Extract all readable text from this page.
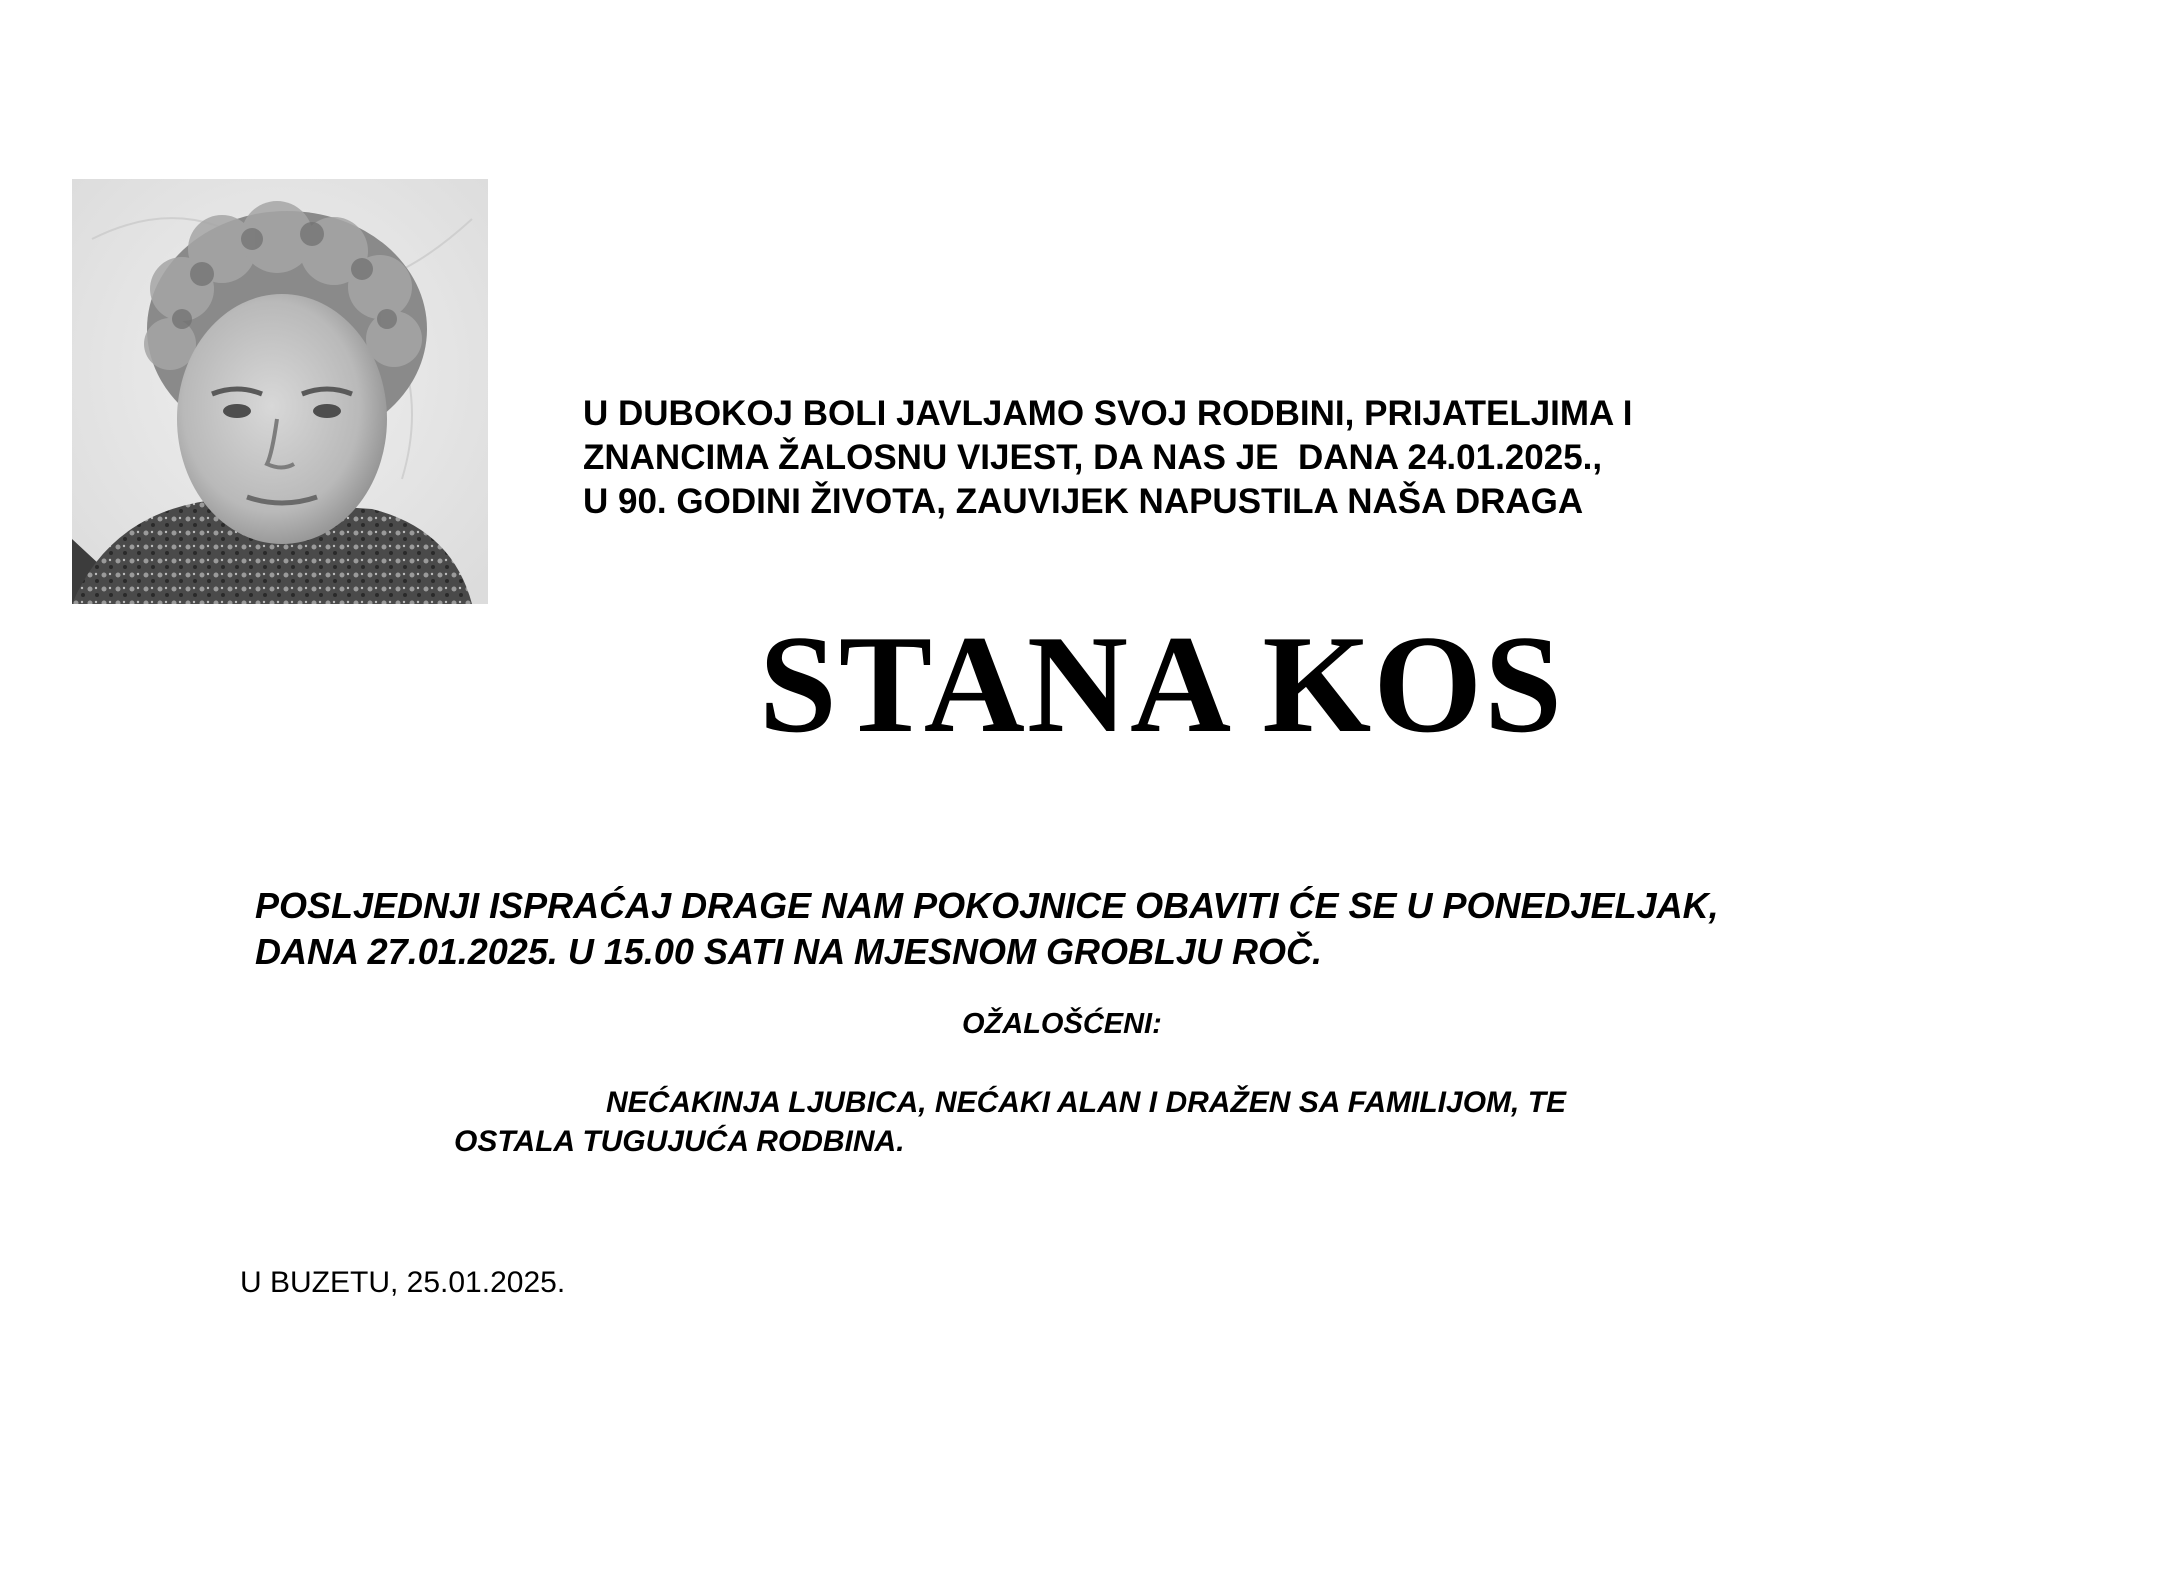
U DUBOKOJ BOLI JAVLJAMO SVOJ RODBINI, PRIJATELJIMA I
ZNANCIMA ŽALOSNU VIJEST, DA NAS JE  DANA 24.01.2025.,
U 90. GODINI ŽIVOTA, ZAUVIJEK NAPUSTILA NAŠA DRAGA
STANA KOS
POSLJEDNJI ISPRAĆAJ DRAGE NAM POKOJNICE OBAVITI ĆE SE U PONEDJELJAK,
DANA 27.01.2025. U 15.00 SATI NA MJESNOM GROBLJU ROČ.
OŽALOŠĆENI:
NEĆAKINJA LJUBICA, NEĆAKI ALAN I DRAŽEN SA FAMILIJOM, TE
OSTALA TUGUJUĆA RODBINA.
U BUZETU, 25.01.2025.
